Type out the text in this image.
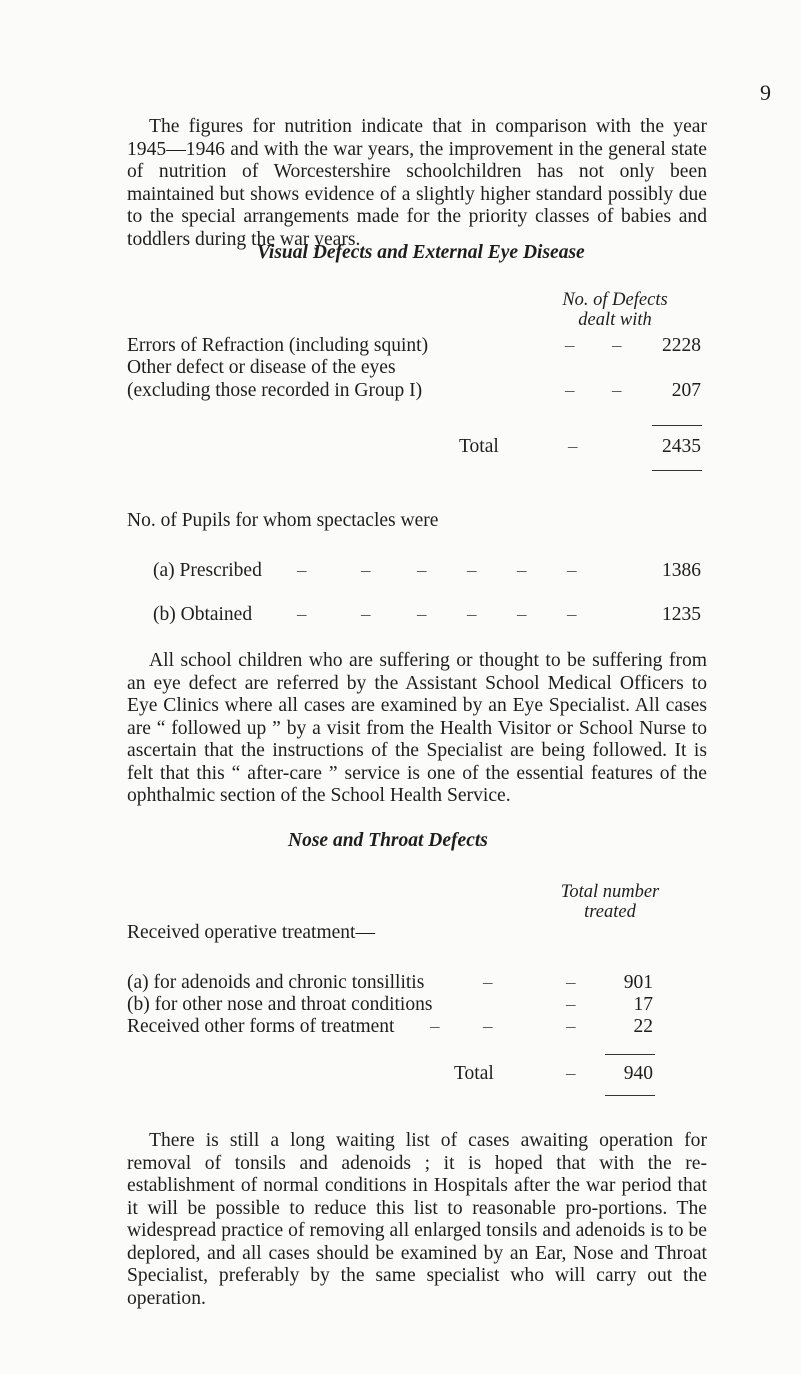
9

The figures for nutrition indicate that in comparison with the year 1945—1946 and with the war years, the improvement in the general state of nutrition of Worcestershire schoolchildren has not only been maintained but shows evidence of a slightly higher standard possibly due to the special arrangements made for the priority classes of babies and toddlers during the war years.

Visual Defects and External Eye Disease
No. of Defects
dealt with
Errors of Refraction (including squint)	– –	2228
Other defect or disease of the eyes
(excluding those recorded in Group I)	– –	207
Total	–	2435
No. of Pupils for whom spectacles were
(a) Prescribed –	– – – – –	1386
(b) Obtained –	– – – – –	1235

All school children who are suffering or thought to be suffering from an eye defect are referred by the Assistant School Medical Officers to Eye Clinics where all cases are examined by an Eye Specialist. All cases are “ followed up ” by a visit from the Health Visitor or School Nurse to ascertain that the instructions of the Specialist are being followed. It is felt that this “ after-care ” service is one of the essential features of the ophthalmic section of the School Health Service.

Nose and Throat Defects
Total number
treated
Received operative treatment—
(a) for adenoids and chronic tonsillitis	–	–	901
(b) for other nose and throat conditions	–	17
Received other forms of treatment – –	–	22
Total	–	940

There is still a long waiting list of cases awaiting operation for removal of tonsils and adenoids ; it is hoped that with the re-establishment of normal conditions in Hospitals after the war period that it will be possible to reduce this list to reasonable pro-portions. The widespread practice of removing all enlarged tonsils and adenoids is to be deplored, and all cases should be examined by an Ear, Nose and Throat Specialist, preferably by the same specialist who will carry out the operation.
